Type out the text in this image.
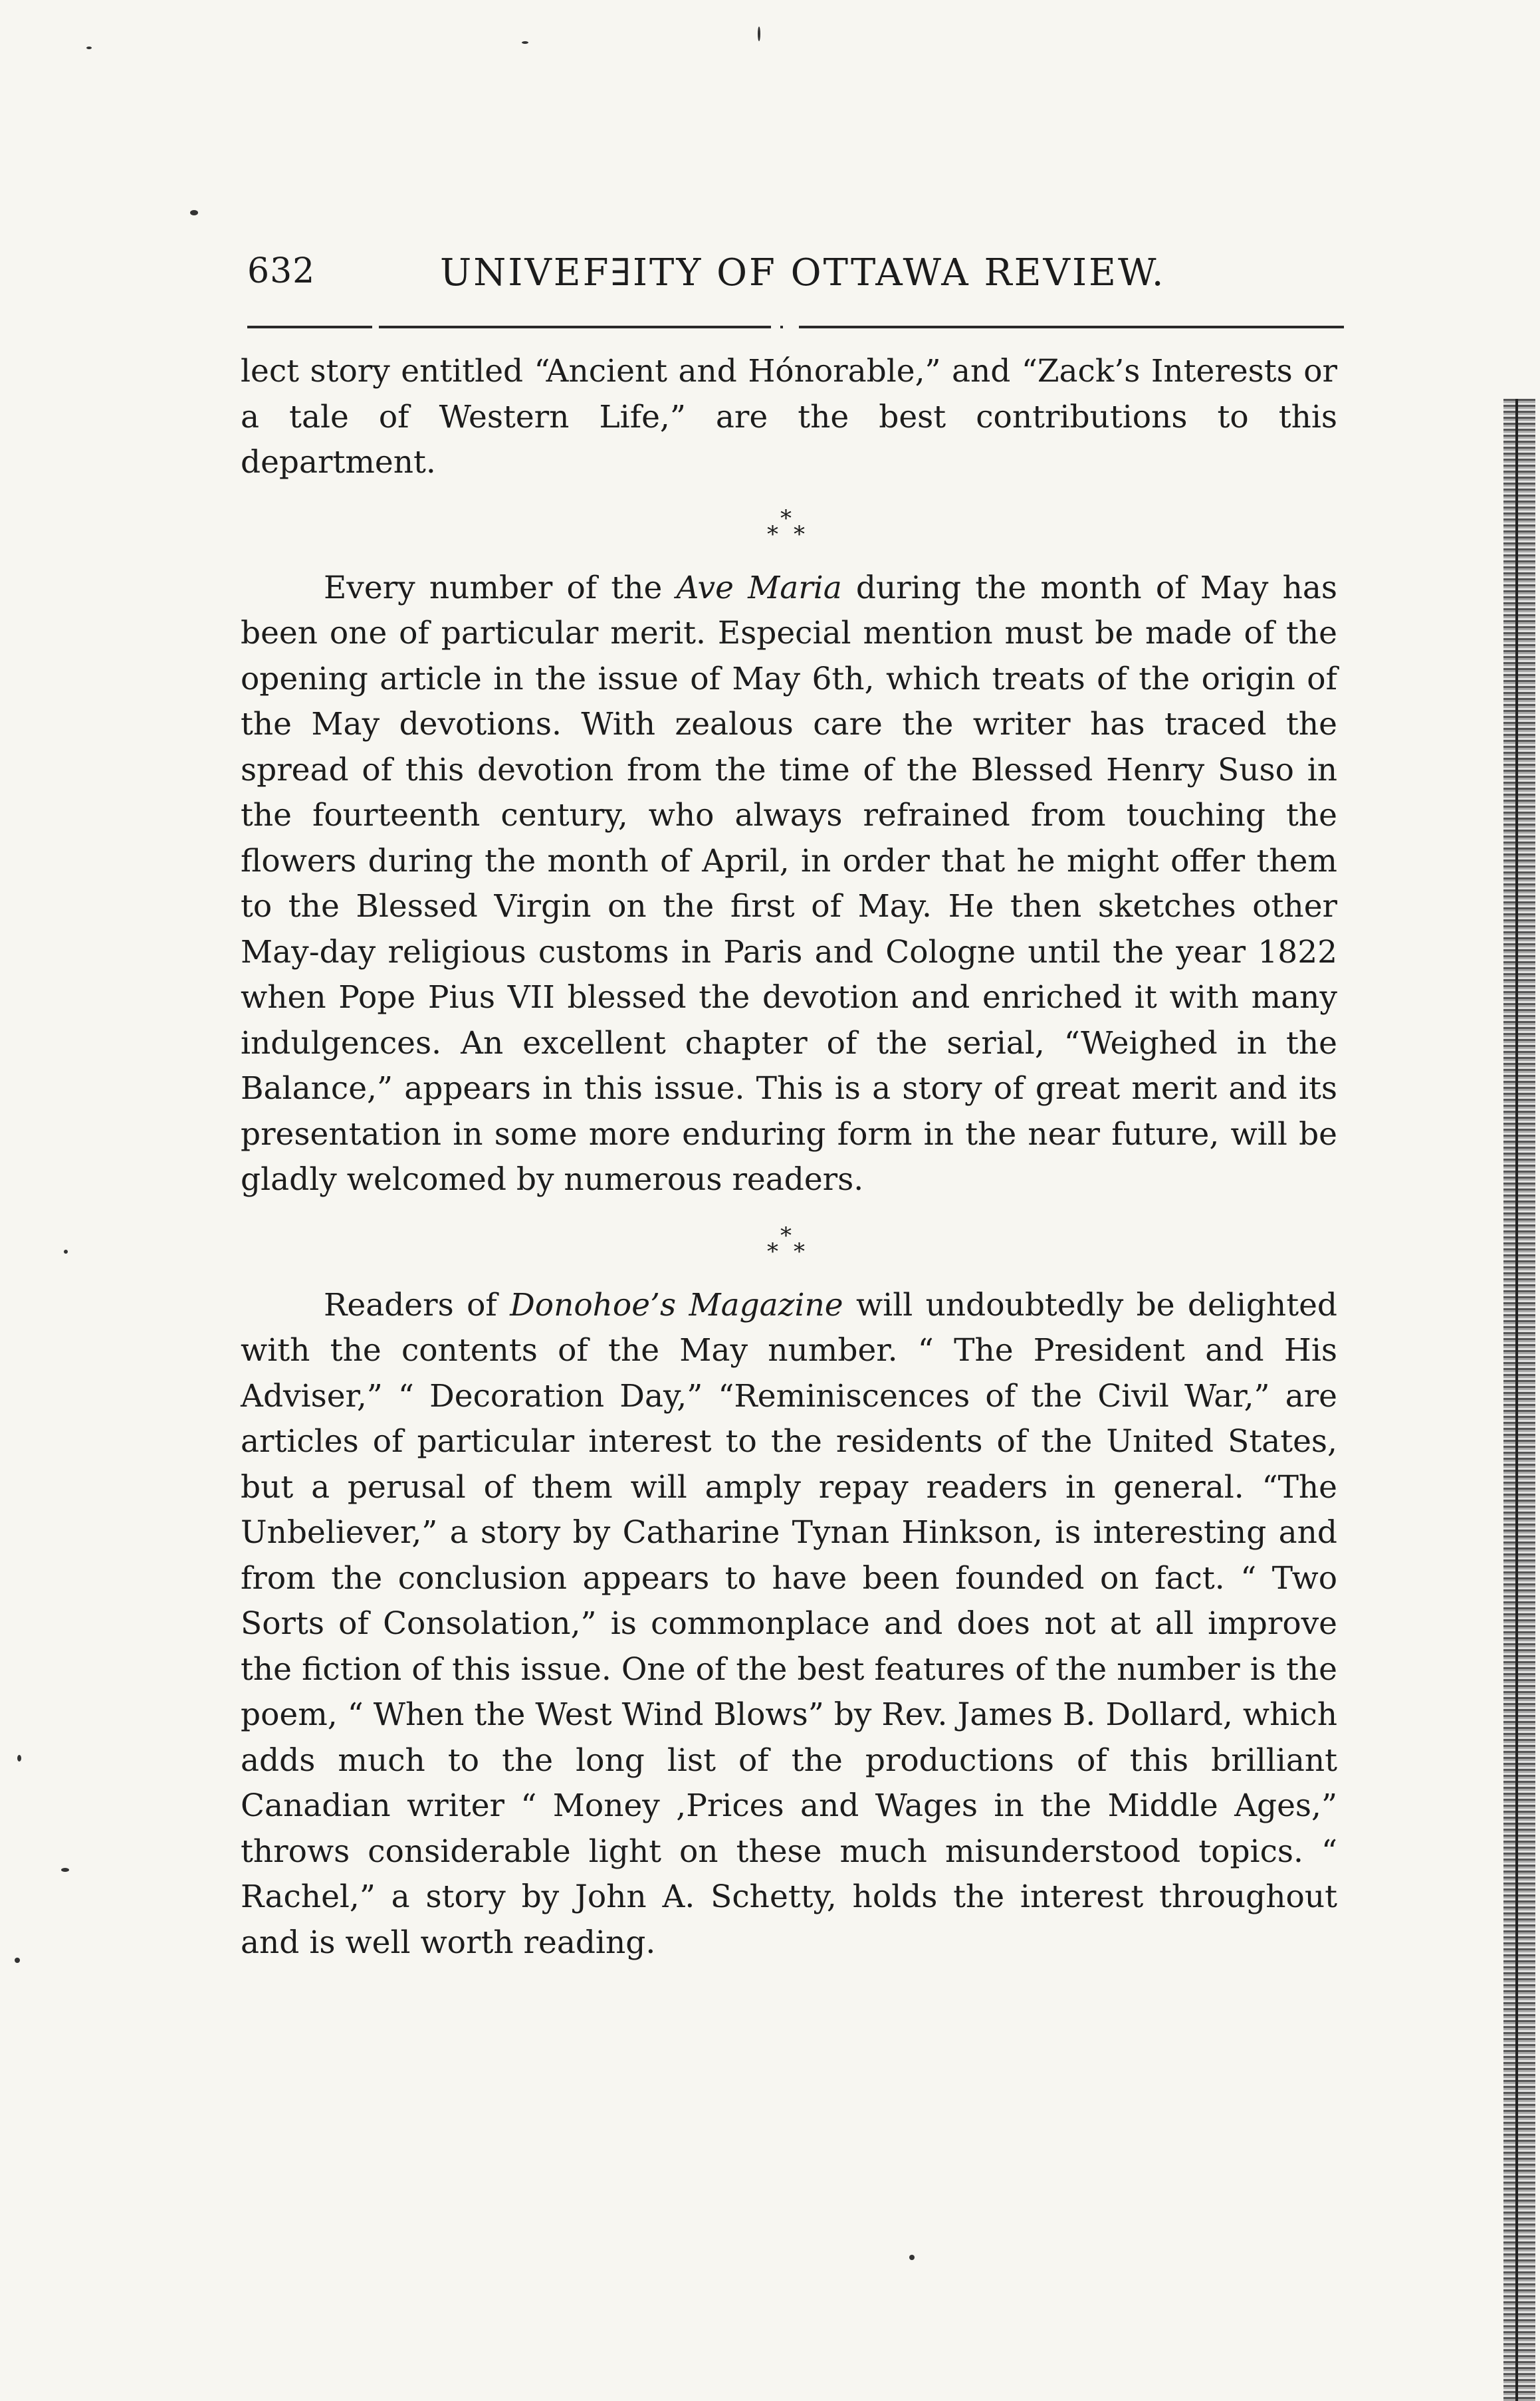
632	UNIVEF∃ITY OF OTTAWA REVIEW.

lect story entitled “Ancient and Hónorable,” and “Zack’s Interests or a tale of Western Life,” are the best contributions to this department.

*
* *

Every number of the Ave Maria during the month of May has been one of particular merit. Especial mention must be made of the opening article in the issue of May 6th, which treats of the origin of the May devotions. With zealous care the writer has traced the spread of this devotion from the time of the Blessed Henry Suso in the fourteenth century, who always refrained from touching the flowers during the month of April, in order that he might offer them to the Blessed Virgin on the first of May. He then sketches other May-day religious customs in Paris and Cologne until the year 1822 when Pope Pius VII blessed the devotion and enriched it with many indulgences. An excellent chapter of the serial, “Weighed in the Balance,” appears in this issue. This is a story of great merit and its presentation in some more enduring form in the near future, will be gladly welcomed by numerous readers.

*
* *

Readers of Donohoe’s Magazine will undoubtedly be delighted with the contents of the May number. “ The President and His Adviser,” “ Decoration Day,” “Reminiscences of the Civil War,” are articles of particular interest to the residents of the United States, but a perusal of them will amply repay readers in general. “The Unbeliever,” a story by Catharine Tynan Hinkson, is interesting and from the conclusion appears to have been founded on fact. “ Two Sorts of Consolation,” is commonplace and does not at all improve the fiction of this issue. One of the best features of the number is the poem, “ When the West Wind Blows” by Rev. James B. Dollard, which adds much to the long list of the productions of this brilliant Canadian writer “ Money ,Prices and Wages in the Middle Ages,” throws considerable light on these much misunderstood topics. “ Rachel,” a story by John A. Schetty, holds the interest throughout and is well worth reading.
